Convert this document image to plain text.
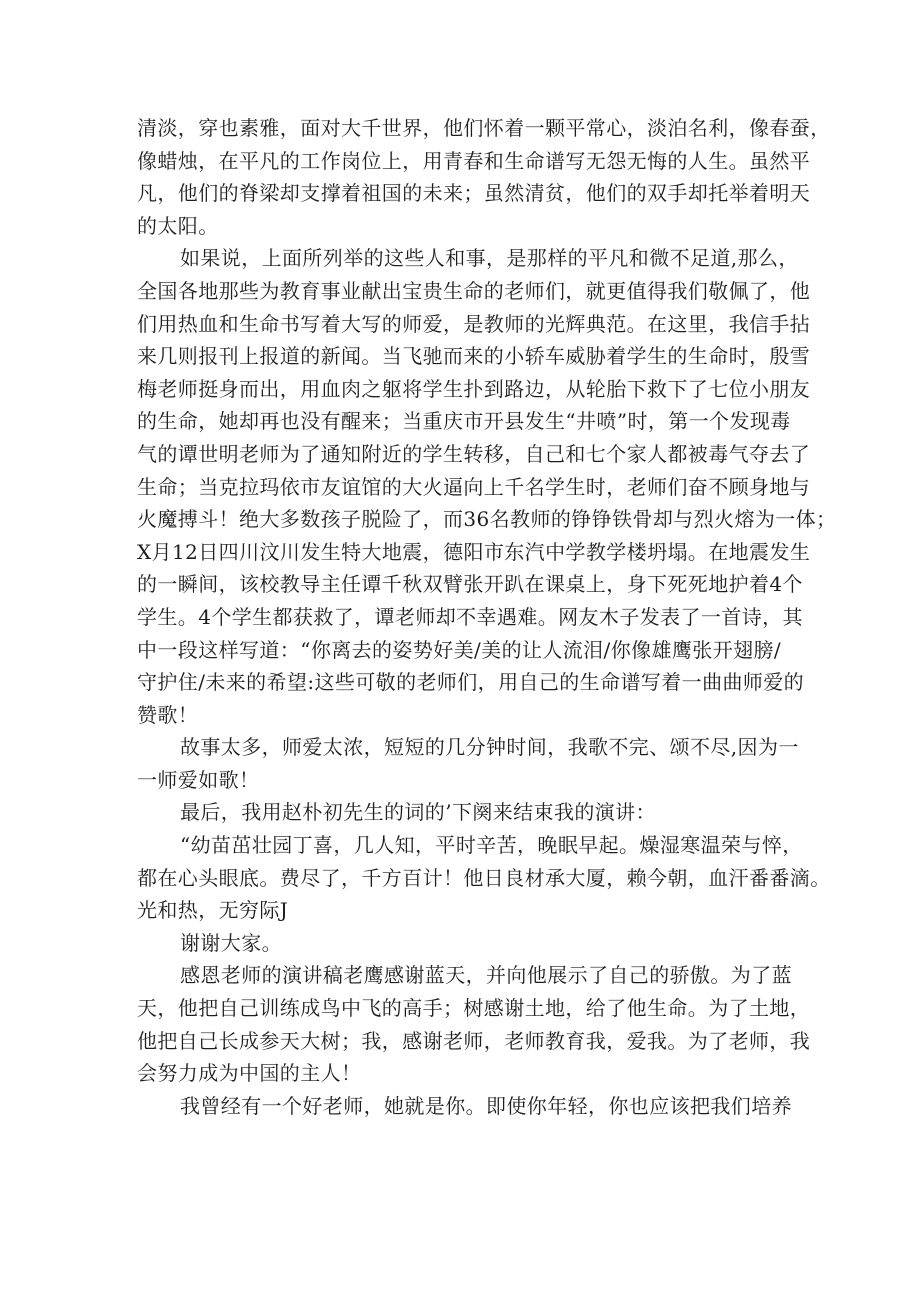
清淡，穿也素雅，面对大千世界，他们怀着一颗平常心，淡泊名利，像春蚕，
像蜡烛，在平凡的工作岗位上，用青春和生命谱写无怨无悔的人生。虽然平
凡，他们的脊梁却支撑着祖国的未来；虽然清贫，他们的双手却托举着明天
的太阳。

如果说，上面所列举的这些人和事，是那样的平凡和微不足道,那么，
全国各地那些为教育事业献出宝贵生命的老师们，就更值得我们敬佩了，他
们用热血和生命书写着大写的师爱，是教师的光辉典范。在这里，我信手拈
来几则报刊上报道的新闻。当飞驰而来的小轿车威胁着学生的生命时，殷雪
梅老师挺身而出，用血肉之躯将学生扑到路边，从轮胎下救下了七位小朋友
的生命，她却再也没有醒来；当重庆市开县发生“井喷”时，第一个发现毒
气的谭世明老师为了通知附近的学生转移，自己和七个家人都被毒气夺去了
生命；当克拉玛依市友谊馆的大火逼向上千名学生时，老师们奋不顾身地与
火魔搏斗！绝大多数孩子脱险了，而36名教师的铮铮铁骨却与烈火熔为一体；
X月12日四川汶川发生特大地震，德阳市东汽中学教学楼坍塌。在地震发生
的一瞬间，该校教导主任谭千秋双臂张开趴在课桌上，身下死死地护着4个
学生。4个学生都获救了，谭老师却不幸遇难。网友木子发表了一首诗，其
中一段这样写道：“你离去的姿势好美/美的让人流泪/你像雄鹰张开翅膀/
守护住/未来的希望:这些可敬的老师们，用自己的生命谱写着一曲曲师爱的
赞歌！

故事太多，师爱太浓，短短的几分钟时间，我歌不完、颂不尽,因为一
一师爱如歌！

最后，我用赵朴初先生的词的’下阕来结束我的演讲：

“幼苗茁壮园丁喜，几人知，平时辛苦，晚眠早起。燥湿寒温荣与悴，
都在心头眼底。费尽了，千方百计！他日良材承大厦，赖今朝，血汗番番滴。
光和热，无穷际J

谢谢大家。

感恩老师的演讲稿老鹰感谢蓝天，并向他展示了自己的骄傲。为了蓝
天，他把自己训练成鸟中飞的高手；树感谢土地，给了他生命。为了土地，
他把自己长成参天大树；我，感谢老师，老师教育我，爱我。为了老师，我
会努力成为中国的主人！

我曾经有一个好老师，她就是你。即使你年轻，你也应该把我们培养
